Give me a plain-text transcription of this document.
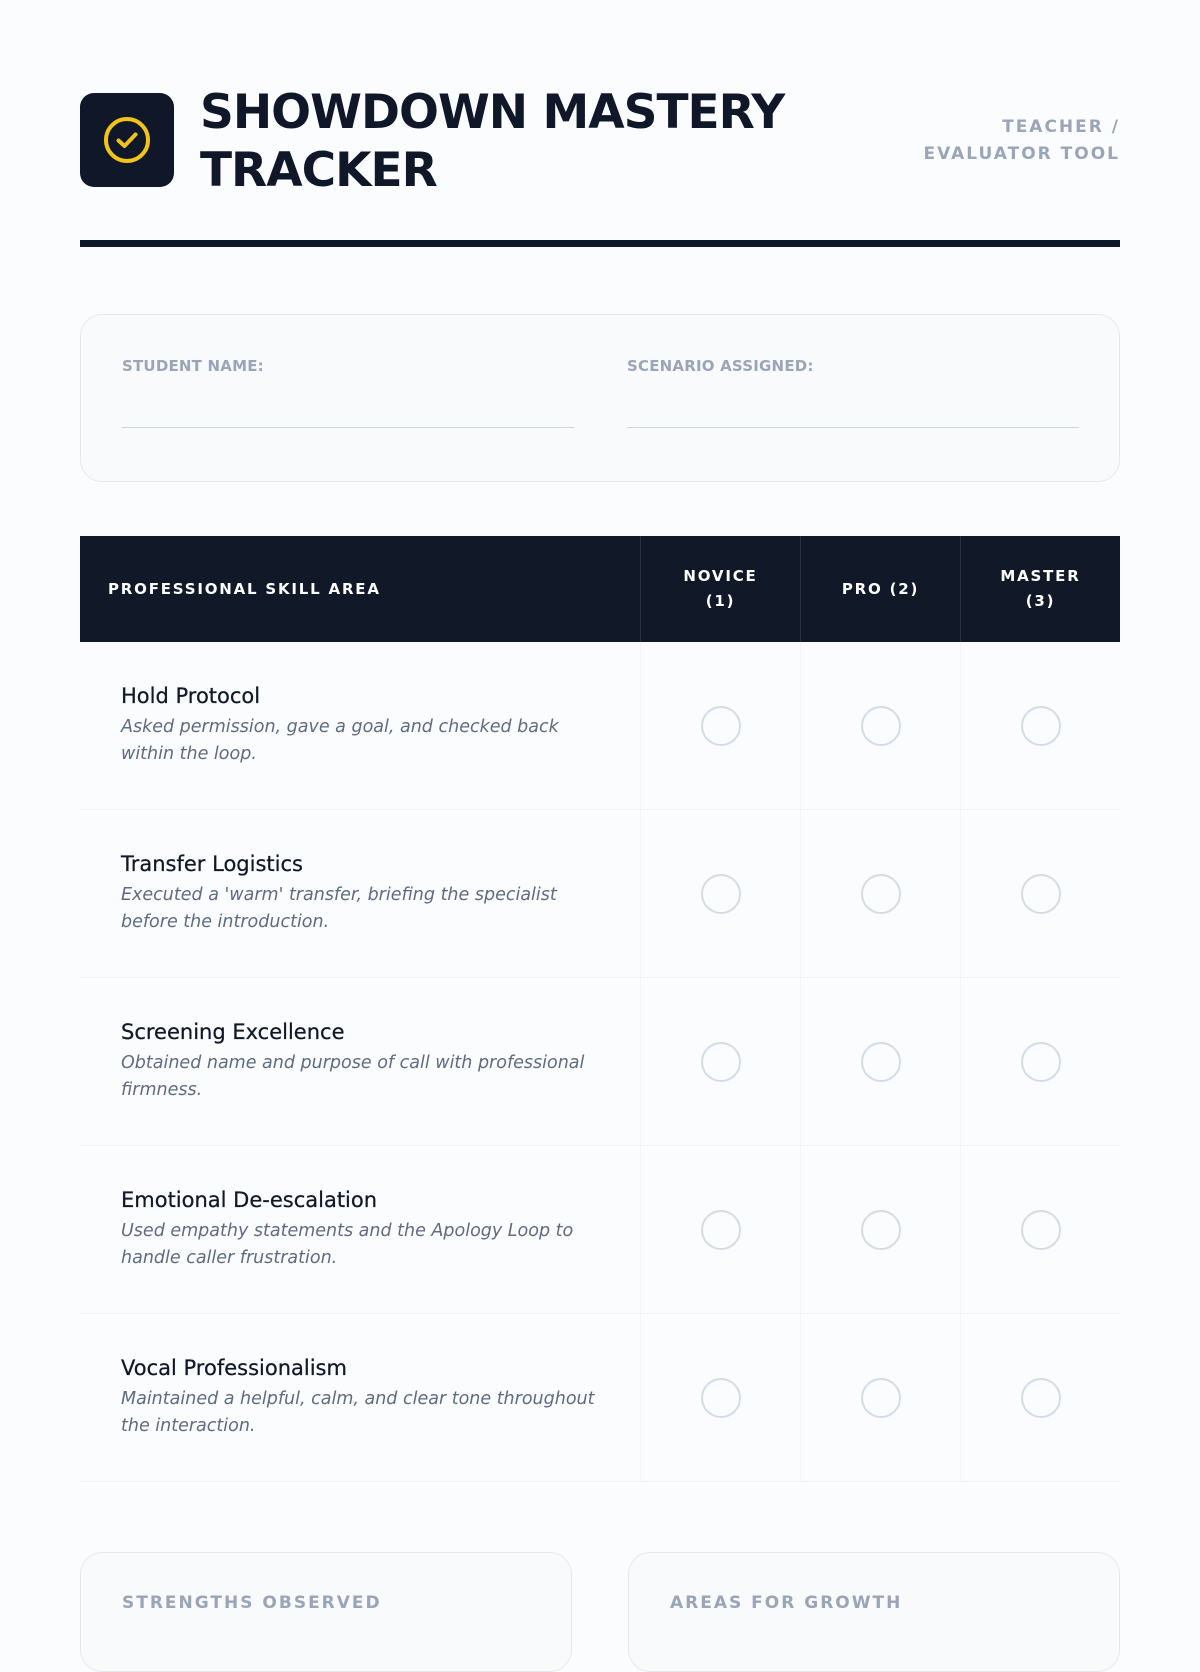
SHOWDOWN MASTERY
TRACKER
TEACHER /
EVALUATOR TOOL
STUDENT NAME:	SCENARIO ASSIGNED:
PROFESSIONAL SKILL AREA
NOVICE
(1)
PRO (2)
MASTER
(3)
Hold Protocol
Asked permission, gave a goal, and checked back within the loop.
Transfer Logistics
Executed a 'warm' transfer, briefing the specialist before the introduction.
Screening Excellence
Obtained name and purpose of call with professional firmness.
Emotional De-escalation
Used empathy statements and the Apology Loop to handle caller frustration.
Vocal Professionalism
Maintained a helpful, calm, and clear tone throughout the interaction.
STRENGTHS OBSERVED	AREAS FOR GROWTH
